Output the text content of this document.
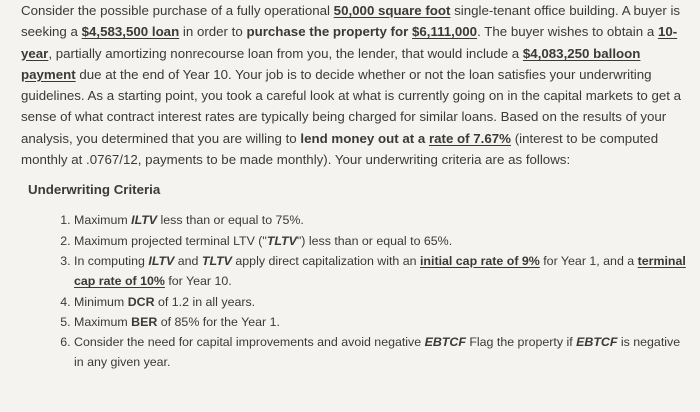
Consider the possible purchase of a fully operational 50,000 square foot single-tenant office building. A buyer is seeking a $4,583,500 loan in order to purchase the property for $6,111,000. The buyer wishes to obtain a 10-year, partially amortizing nonrecourse loan from you, the lender, that would include a $4,083,250 balloon payment due at the end of Year 10. Your job is to decide whether or not the loan satisfies your underwriting guidelines. As a starting point, you took a careful look at what is currently going on in the capital markets to get a sense of what contract interest rates are typically being charged for similar loans. Based on the results of your analysis, you determined that you are willing to lend money out at a rate of 7.67% (interest to be computed monthly at .0767/12, payments to be made monthly). Your underwriting criteria are as follows:

Underwriting Criteria
1. Maximum ILTV less than or equal to 75%.
2. Maximum projected terminal LTV ("TLTV") less than or equal to 65%.
3. In computing ILTV and TLTV apply direct capitalization with an initial cap rate of 9% for Year 1, and a terminal cap rate of 10% for Year 10.
4. Minimum DCR of 1.2 in all years.
5. Maximum BER of 85% for the Year 1.
6. Consider the need for capital improvements and avoid negative EBTCF Flag the property if EBTCF is negative in any given year.
